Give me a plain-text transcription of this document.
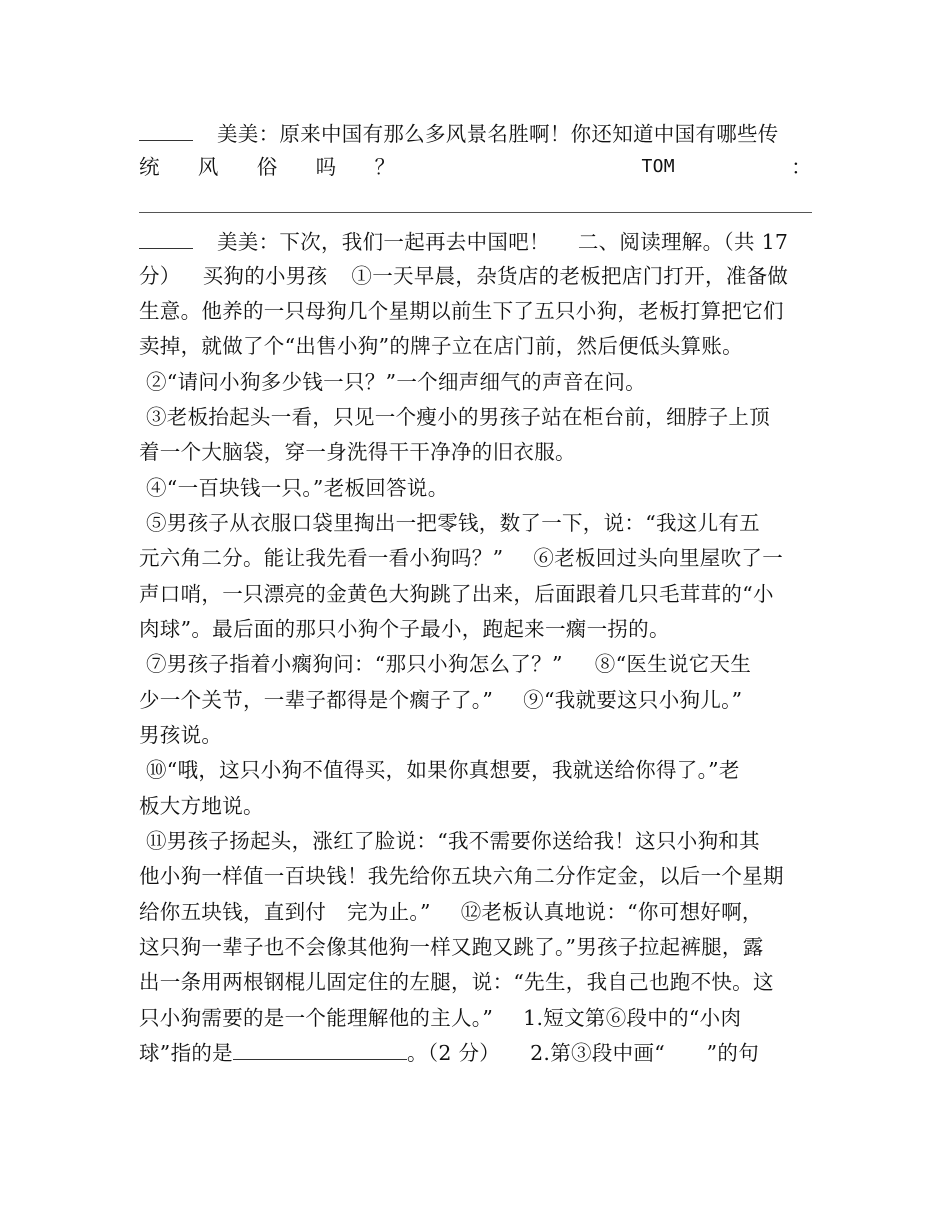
美美：原来中国有那么多风景名胜啊！你还知道中国有哪些传
统 风 俗 吗 ？	TOM	：
美美：下次，我们一起再去中国吧！ 二、阅读理解。（共 17
分） 买狗的小男孩 ①一天早晨，杂货店的老板把店门打开，准备做
生意。他养的一只母狗几个星期以前生下了五只小狗，老板打算把它们
卖掉，就做了个“出售小狗”的牌子立在店门前，然后便低头算账。
②“请问小狗多少钱一只？”一个细声细气的声音在问。
③老板抬起头一看，只见一个瘦小的男孩子站在柜台前，细脖子上顶
着一个大脑袋，穿一身洗得干干净净的旧衣服。
④“一百块钱一只。”老板回答说。
⑤男孩子从衣服口袋里掏出一把零钱，数了一下，说：“我这儿有五
元六角二分。能让我先看一看小狗吗？” ⑥老板回过头向里屋吹了一
声口哨，一只漂亮的金黄色大狗跳了出来，后面跟着几只毛茸茸的“小
肉球”。最后面的那只小狗个子最小，跑起来一瘸一拐的。
⑦男孩子指着小瘸狗问：“那只小狗怎么了？” ⑧“医生说它天生
少一个关节，一辈子都得是个瘸子了。” ⑨“我就要这只小狗儿。”
男孩说。
⑩“哦，这只小狗不值得买，如果你真想要，我就送给你得了。”老
板大方地说。
⑪男孩子扬起头，涨红了脸说：“我不需要你送给我！这只小狗和其
他小狗一样值一百块钱！我先给你五块六角二分作定金，以后一个星期
给你五块钱，直到付　完为止。” ⑫老板认真地说：“你可想好啊，
这只狗一辈子也不会像其他狗一样又跑又跳了。”男孩子拉起裤腿，露
出一条用两根钢棍儿固定住的左腿，说：“先生，我自己也跑不快。这
只小狗需要的是一个能理解他的主人。” 1.短文第⑥段中的“小肉
球”指的是	。（2 分） 2.第③段中画“　　”的句
